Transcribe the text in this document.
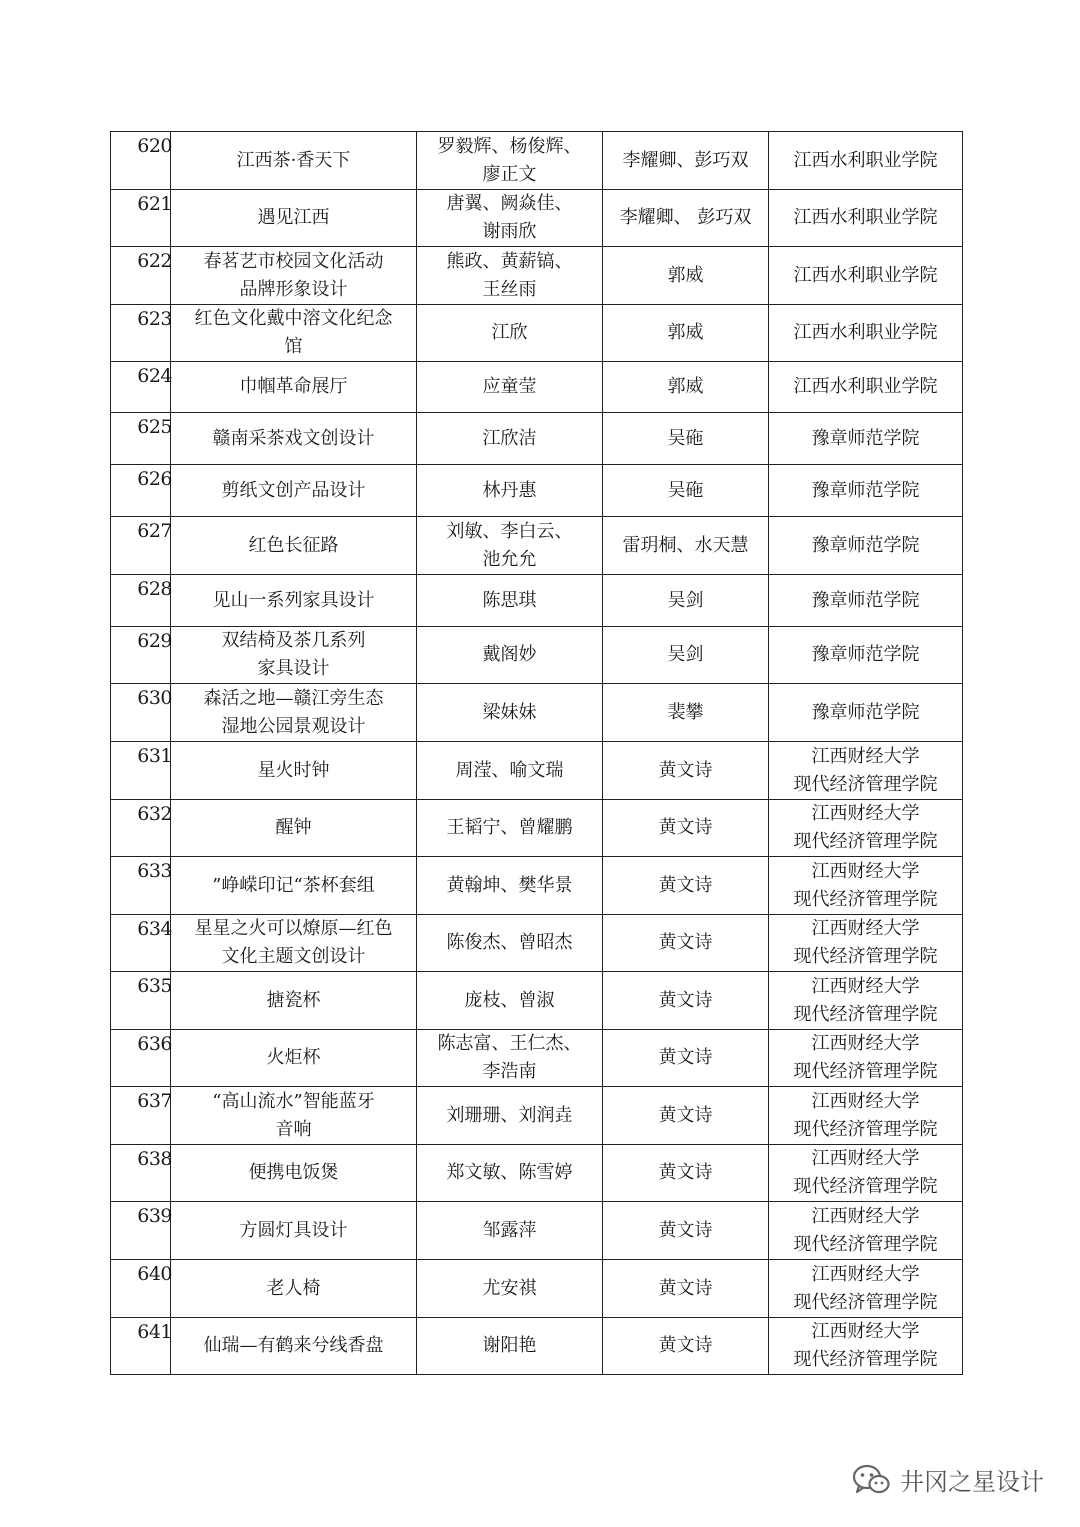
620	江西茶·香天下	罗毅辉、杨俊辉、
廖正文	李耀卿、彭巧双	江西水利职业学院

621	遇见江西	唐翼、阙焱佳、
谢雨欣	李耀卿、 彭巧双	江西水利职业学院

622	春茗艺市校园文化活动
品牌形象设计	熊政、黄薪镐、
王丝雨	郭威	江西水利职业学院

623	红色文化戴中溶文化纪念
馆	江欣	郭威	江西水利职业学院

624	巾帼革命展厅	应童莹	郭威	江西水利职业学院

625	赣南采茶戏文创设计	江欣洁	吴砤	豫章师范学院

626	剪纸文创产品设计	林丹惠	吴砤	豫章师范学院

627	红色长征路	刘敏、李白云、
池允允	雷玥桐、水天慧	豫章师范学院

628	见山一系列家具设计	陈思琪	吴剑	豫章师范学院

629	双结椅及茶几系列
家具设计	戴阁妙	吴剑	豫章师范学院

630	森活之地—赣江旁生态
湿地公园景观设计	梁妹妹	裴攀	豫章师范学院

631	星火时钟	周滢、喻文瑞	黄文诗	江西财经大学
现代经济管理学院

632	醒钟	王韬宁、曾耀鹏	黄文诗	江西财经大学
现代经济管理学院

633	”峥嵘印记“茶杯套组	黄翰坤、樊华景	黄文诗	江西财经大学
现代经济管理学院

634	星星之火可以燎原—红色
文化主题文创设计	陈俊杰、曾昭杰	黄文诗	江西财经大学
现代经济管理学院

635	搪瓷杯	庞枝、曾淑	黄文诗	江西财经大学
现代经济管理学院

636	火炬杯	陈志富、王仁杰、
李浩南	黄文诗	江西财经大学
现代经济管理学院

637	“高山流水”智能蓝牙
音响	刘珊珊、刘润垚	黄文诗	江西财经大学
现代经济管理学院

638	便携电饭煲	郑文敏、陈雪婷	黄文诗	江西财经大学
现代经济管理学院

639	方圆灯具设计	邹露萍	黄文诗	江西财经大学
现代经济管理学院

640	老人椅	尤安祺	黄文诗	江西财经大学
现代经济管理学院

641	仙瑞—有鹤来兮线香盘	谢阳艳	黄文诗	江西财经大学
现代经济管理学院
井冈之星设计
